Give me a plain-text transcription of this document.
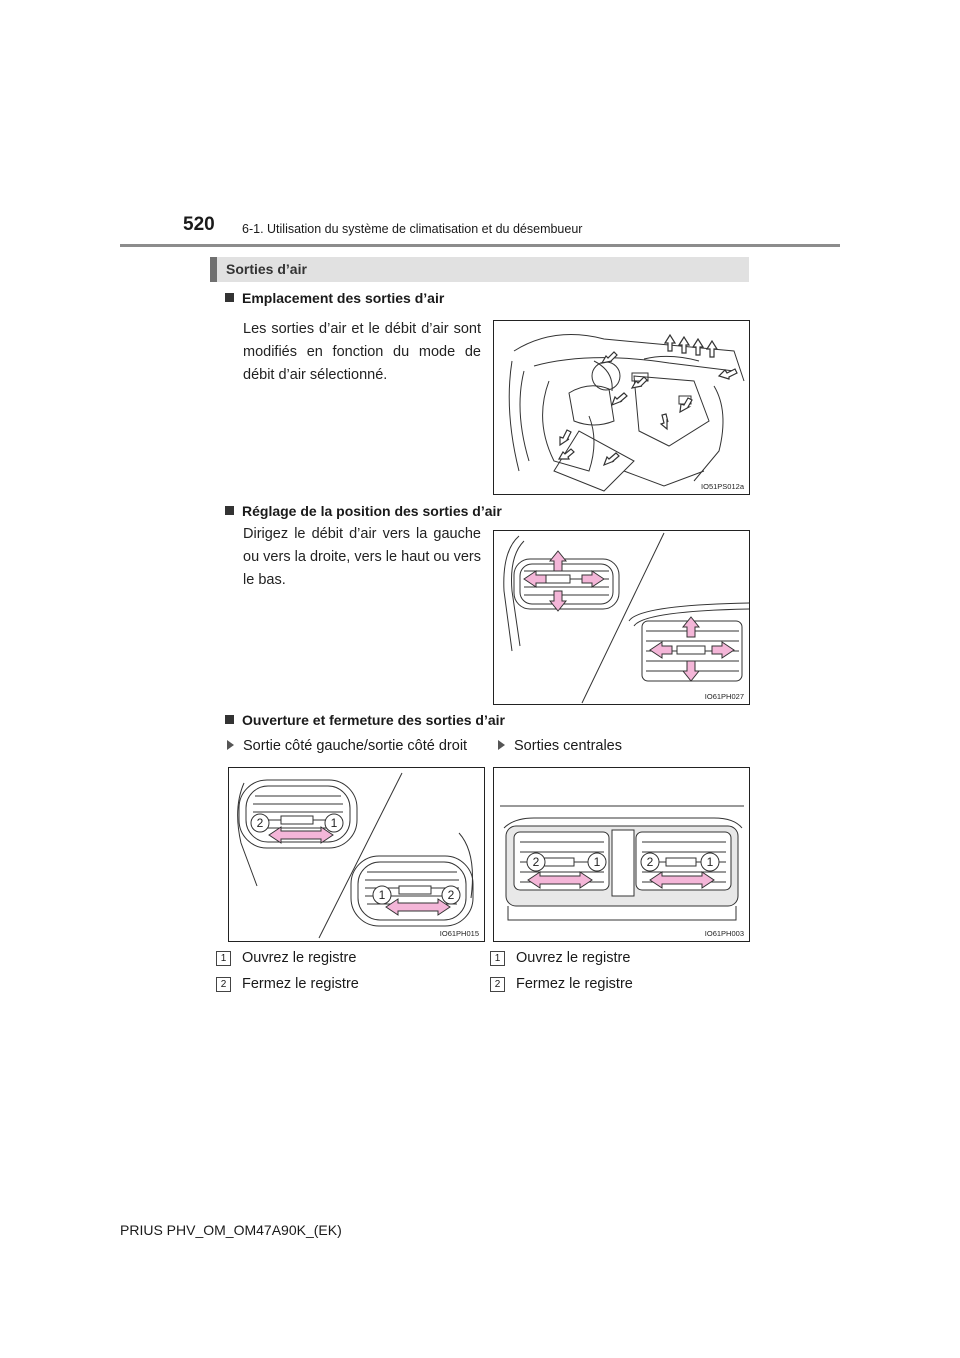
520 6-1. Utilisation du système de climatisation et du désembueur
Sorties d’air
Emplacement des sorties d’air
Les sorties d’air et le débit d’air sont modifiés en fonction du mode de débit d’air sélectionné.
IO51PS012a
Réglage de la position des sorties d’air
Dirigez le débit d’air vers la gauche ou vers la droite, vers le haut ou vers le bas.
IO61PH027
Ouverture et fermeture des sorties d’air
Sortie côté gauche/sortie côté droit	Sorties centrales
2	1
1	2
IO61PH015
2	1	2	1
IO61PH003
1	Ouvrez le registre
2	Fermez le registre
1	Ouvrez le registre
2	Fermez le registre
PRIUS PHV_OM_OM47A90K_(EK)
